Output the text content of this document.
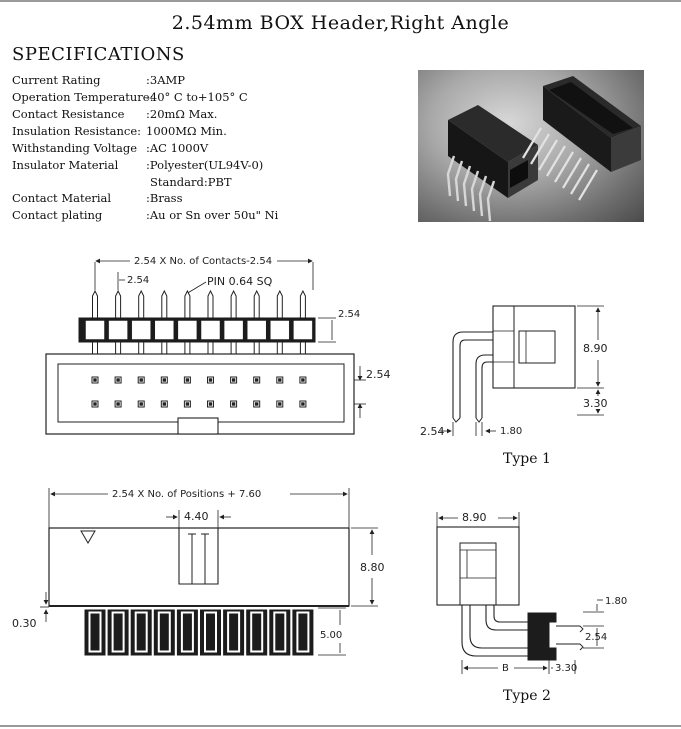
2.54mm BOX Header,Right Angle
SPECIFICATIONS
Current Rating	:3AMP
Operation Temperature:
-40° C to+105° C
Contact Resistance :20mΩ Max.
Insulation Resistance: 1000MΩ Min.
Withstanding Voltage :AC 1000V
Insulator Material :Polyester(UL94V-0)
Standard:PBT
Contact Material	:Brass
Contact plating	:Au or Sn over 50u" Ni
2.54 X No. of Contacts-2.54
2.54	PIN 0.64 SQ
2.54
2.54
8.90
3.30
2.54	1.80
Type 1
2.54 X No. of Positions + 7.60
4.40
8.80
0.30
5.00
8.90
1.80
2.54
B	3.30
Type 2
